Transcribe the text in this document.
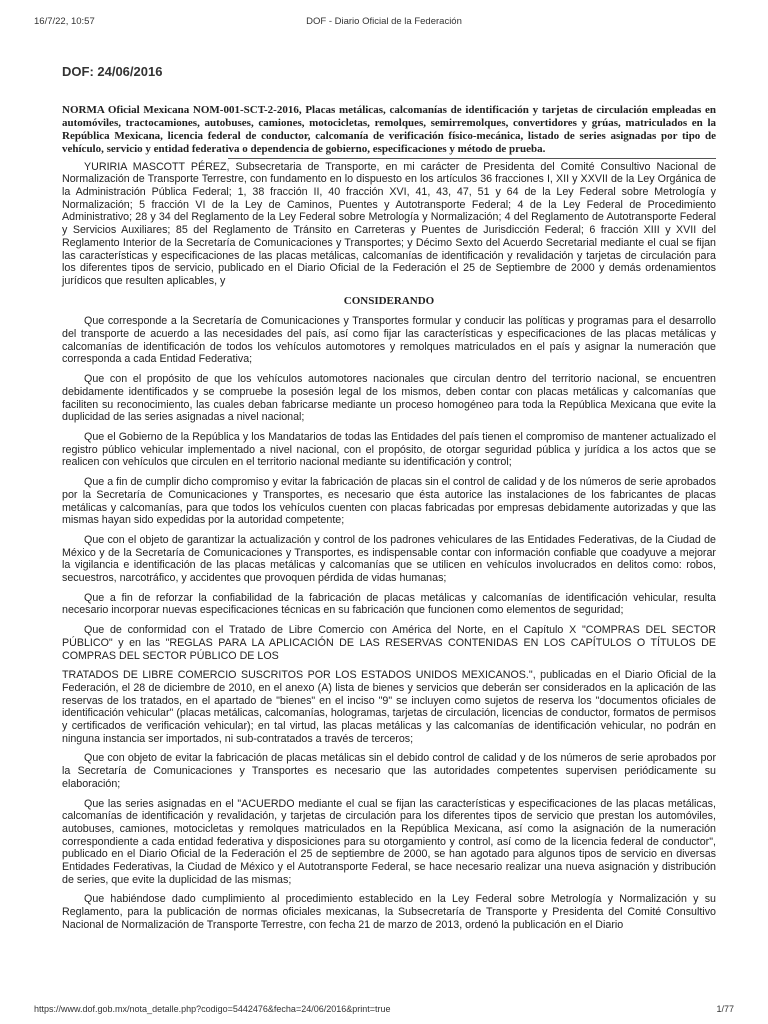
16/7/22, 10:57	DOF - Diario Oficial de la Federación
DOF: 24/06/2016

NORMA Oficial Mexicana NOM-001-SCT-2-2016, Placas metálicas, calcomanías de identificación y tarjetas de circulación empleadas en automóviles, tractocamiones, autobuses, camiones, motocicletas, remolques, semirremolques, convertidores y grúas, matriculados en la República Mexicana, licencia federal de conductor, calcomanía de verificación físico-mecánica, listado de series asignadas por tipo de vehículo, servicio y entidad federativa o dependencia de gobierno, especificaciones y método de prueba.

YURIRIA MASCOTT PÉREZ, Subsecretaria de Transporte, en mi carácter de Presidenta del Comité Consultivo Nacional de Normalización de Transporte Terrestre, con fundamento en lo dispuesto en los artículos 36 fracciones I, XII y XXVII de la Ley Orgánica de la Administración Pública Federal; 1, 38 fracción II, 40 fracción XVI, 41, 43, 47, 51 y 64 de la Ley Federal sobre Metrología y Normalización; 5 fracción VI de la Ley de Caminos, Puentes y Autotransporte Federal; 4 de la Ley Federal de Procedimiento Administrativo; 28 y 34 del Reglamento de la Ley Federal sobre Metrología y Normalización; 4 del Reglamento de Autotransporte Federal y Servicios Auxiliares; 85 del Reglamento de Tránsito en Carreteras y Puentes de Jurisdicción Federal; 6 fracción XIII y XVII del Reglamento Interior de la Secretaría de Comunicaciones y Transportes; y Décimo Sexto del Acuerdo Secretarial mediante el cual se fijan las características y especificaciones de las placas metálicas, calcomanías de identificación y revalidación y tarjetas de circulación para los diferentes tipos de servicio, publicado en el Diario Oficial de la Federación el 25 de Septiembre de 2000 y demás ordenamientos jurídicos que resulten aplicables, y

CONSIDERANDO

Que corresponde a la Secretaría de Comunicaciones y Transportes formular y conducir las políticas y programas para el desarrollo del transporte de acuerdo a las necesidades del país, así como fijar las características y especificaciones de las placas metálicas y calcomanías de identificación de todos los vehículos automotores y remolques matriculados en el país y asignar la numeración que corresponda a cada Entidad Federativa;

Que con el propósito de que los vehículos automotores nacionales que circulan dentro del territorio nacional, se encuentren debidamente identificados y se compruebe la posesión legal de los mismos, deben contar con placas metálicas y calcomanías que faciliten su reconocimiento, las cuales deban fabricarse mediante un proceso homogéneo para toda la República Mexicana que evite la duplicidad de las series asignadas a nivel nacional;

Que el Gobierno de la República y los Mandatarios de todas las Entidades del país tienen el compromiso de mantener actualizado el registro público vehicular implementado a nivel nacional, con el propósito, de otorgar seguridad pública y jurídica a los actos que se realicen con vehículos que circulen en el territorio nacional mediante su identificación y control;

Que a fin de cumplir dicho compromiso y evitar la fabricación de placas sin el control de calidad y de los números de serie aprobados por la Secretaría de Comunicaciones y Transportes, es necesario que ésta autorice las instalaciones de los fabricantes de placas metálicas y calcomanías, para que todos los vehículos cuenten con placas fabricadas por empresas debidamente autorizadas y que las mismas hayan sido expedidas por la autoridad competente;

Que con el objeto de garantizar la actualización y control de los padrones vehiculares de las Entidades Federativas, de la Ciudad de México y de la Secretaría de Comunicaciones y Transportes, es indispensable contar con información confiable que coadyuve a mejorar la vigilancia e identificación de las placas metálicas y calcomanías que se utilicen en vehículos involucrados en delitos como: robos, secuestros, narcotráfico, y accidentes que provoquen pérdida de vidas humanas;

Que a fin de reforzar la confiabilidad de la fabricación de placas metálicas y calcomanías de identificación vehicular, resulta necesario incorporar nuevas especificaciones técnicas en su fabricación que funcionen como elementos de seguridad;

Que de conformidad con el Tratado de Libre Comercio con América del Norte, en el Capítulo X "COMPRAS DEL SECTOR PÚBLICO" y en las "REGLAS PARA LA APLICACIÓN DE LAS RESERVAS CONTENIDAS EN LOS CAPÍTULOS O TÍTULOS DE COMPRAS DEL SECTOR PÚBLICO DE LOS

TRATADOS DE LIBRE COMERCIO SUSCRITOS POR LOS ESTADOS UNIDOS MEXICANOS.", publicadas en el Diario Oficial de la Federación, el 28 de diciembre de 2010, en el anexo (A) lista de bienes y servicios que deberán ser considerados en la aplicación de las reservas de los tratados, en el apartado de "bienes" en el inciso "9" se incluyen como sujetos de reserva los "documentos oficiales de identificación vehicular" (placas metálicas, calcomanías, hologramas, tarjetas de circulación, licencias de conductor, formatos de permisos y certificados de verificación vehicular); en tal virtud, las placas metálicas y las calcomanías de identificación vehicular, no podrán en ninguna instancia ser importados, ni sub-contratados a través de terceros;

Que con objeto de evitar la fabricación de placas metálicas sin el debido control de calidad y de los números de serie aprobados por la Secretaría de Comunicaciones y Transportes es necesario que las autoridades competentes supervisen periódicamente su elaboración;

Que las series asignadas en el "ACUERDO mediante el cual se fijan las características y especificaciones de las placas metálicas, calcomanías de identificación y revalidación, y tarjetas de circulación para los diferentes tipos de servicio que prestan los automóviles, autobuses, camiones, motocicletas y remolques matriculados en la República Mexicana, así como la asignación de la numeración correspondiente a cada entidad federativa y disposiciones para su otorgamiento y control, así como de la licencia federal de conductor", publicado en el Diario Oficial de la Federación el 25 de septiembre de 2000, se han agotado para algunos tipos de servicio en diversas Entidades Federativas, la Ciudad de México y el Autotransporte Federal, se hace necesario realizar una nueva asignación y distribución de series, que evite la duplicidad de las mismas;

Que habiéndose dado cumplimiento al procedimiento establecido en la Ley Federal sobre Metrología y Normalización y su Reglamento, para la publicación de normas oficiales mexicanas, la Subsecretaría de Transporte y Presidenta del Comité Consultivo Nacional de Normalización de Transporte Terrestre, con fecha 21 de marzo de 2013, ordenó la publicación en el Diario

https://www.dof.gob.mx/nota_detalle.php?codigo=5442476&fecha=24/06/2016&print=true	1/77
